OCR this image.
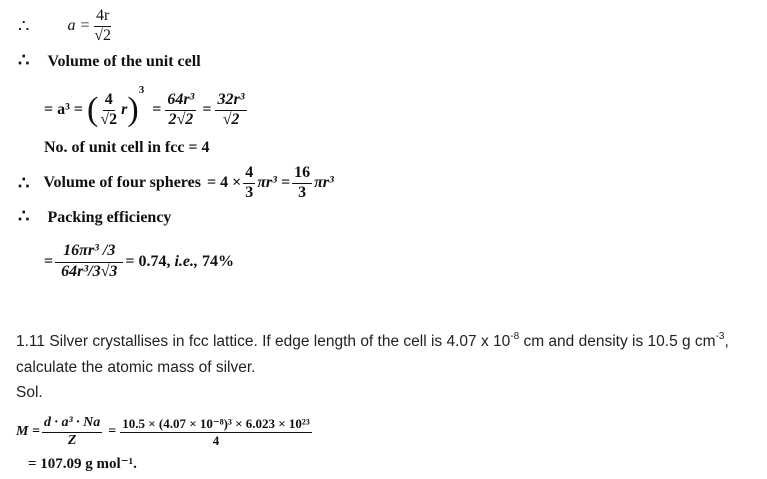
∴ $a = \frac{4r}{√2}$
∴ Volume of the unit cell
= a³ = ( $\frac{4}{√2}$ r )
3
= $\frac{\text{64r³}}{2√2} = \frac{\text{32r³}}{√2}$
No. of unit cell in fcc = 4
∴ Volume of four spheres = $4 \times \frac{4}{3} \pi r^3 = \frac{16}{3} \pi r^3$
∴ Packing efficiency
= $\frac{\text{16πr³ /3}}{\text{64r³/3√3}} = 0.74$, i.e., 74%
1.11 Silver crystallises in fcc lattice. If edge length of the cell is 4.07 x $10^{-8}$ cm and density is 10.5 g $cm^{-3}$,
calculate the atomic mass of silver.
Sol.
$M = \frac{\text{d · a³ · Na}}{Z} = \frac{\text{10.5 × (4.07 × 10⁻⁸)³ × 6.023 × 10²³}}{4}$
= 107.09 g mol⁻¹.
